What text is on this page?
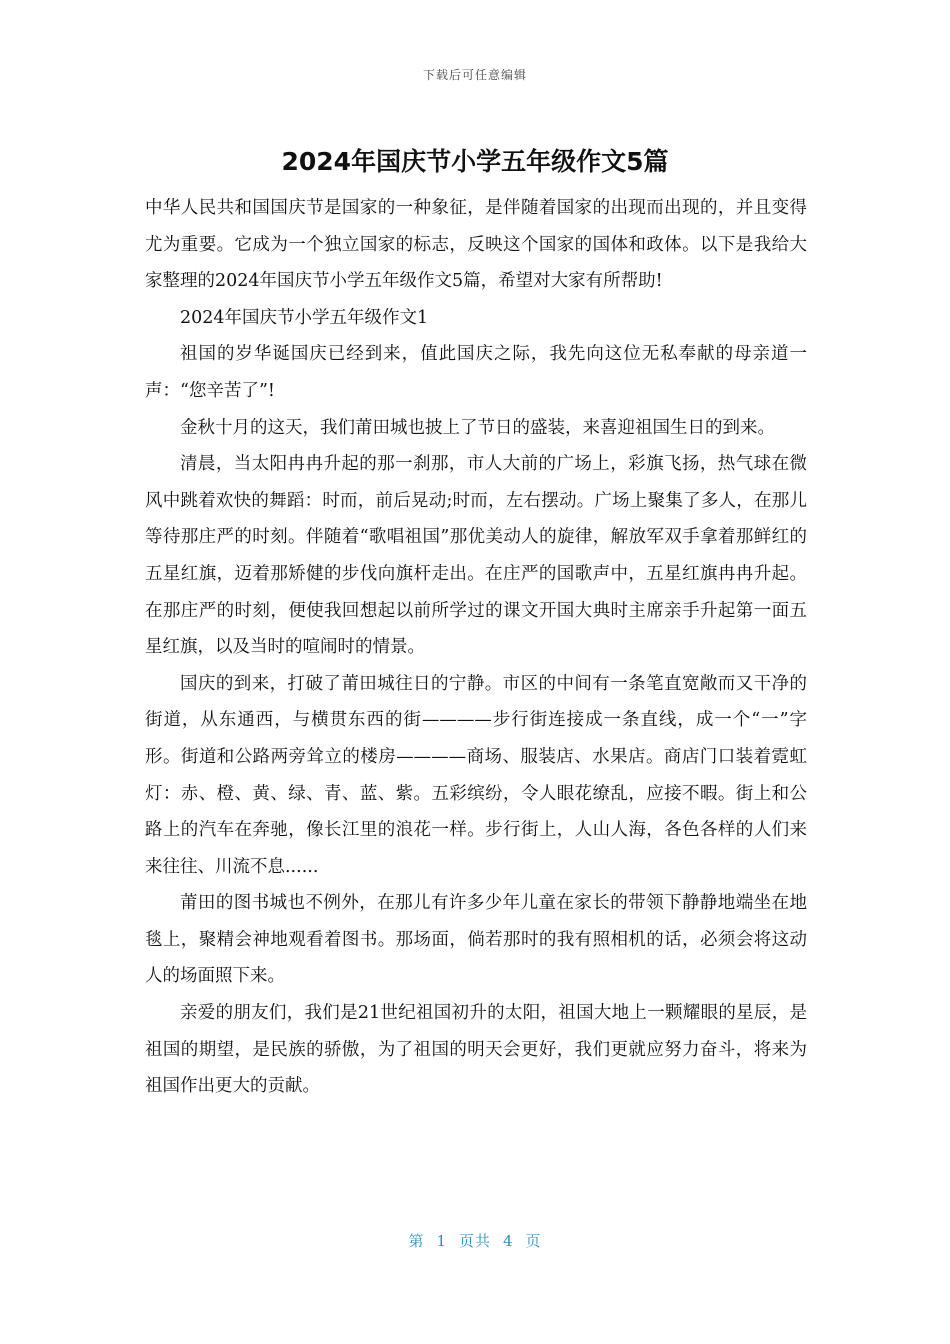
下载后可任意编辑
2024年国庆节小学五年级作文5篇

中华人民共和国国庆节是国家的一种象征，是伴随着国家的出现而出现的，并且变得尤为重要。它成为一个独立国家的标志，反映这个国家的国体和政体。以下是我给大家整理的2024年国庆节小学五年级作文5篇，希望对大家有所帮助!

2024年国庆节小学五年级作文1

祖国的岁华诞国庆已经到来，值此国庆之际，我先向这位无私奉献的母亲道一声：“您辛苦了”!

金秋十月的这天，我们莆田城也披上了节日的盛装，来喜迎祖国生日的到来。

清晨，当太阳冉冉升起的那一刹那，市人大前的广场上，彩旗飞扬，热气球在微风中跳着欢快的舞蹈：时而，前后晃动;时而，左右摆动。广场上聚集了多人，在那儿等待那庄严的时刻。伴随着“歌唱祖国”那优美动人的旋律，解放军双手拿着那鲜红的五星红旗，迈着那矫健的步伐向旗杆走出。在庄严的国歌声中，五星红旗冉冉升起。在那庄严的时刻，便使我回想起以前所学过的课文开国大典时主席亲手升起第一面五星红旗，以及当时的喧闹时的情景。

国庆的到来，打破了莆田城往日的宁静。市区的中间有一条笔直宽敞而又干净的街道，从东通西，与横贯东西的街————步行街连接成一条直线，成一个“一”字形。街道和公路两旁耸立的楼房————商场、服装店、水果店。商店门口装着霓虹灯：赤、橙、黄、绿、青、蓝、紫。五彩缤纷，令人眼花缭乱，应接不暇。街上和公路上的汽车在奔驰，像长江里的浪花一样。步行街上，人山人海，各色各样的人们来来往往、川流不息......

莆田的图书城也不例外，在那儿有许多少年儿童在家长的带领下静静地端坐在地毯上，聚精会神地观看着图书。那场面，倘若那时的我有照相机的话，必须会将这动人的场面照下来。

亲爱的朋友们，我们是21世纪祖国初升的太阳，祖国大地上一颗耀眼的星辰，是祖国的期望，是民族的骄傲，为了祖国的明天会更好，我们更就应努力奋斗，将来为祖国作出更大的贡献。

第 1 页共 4 页
